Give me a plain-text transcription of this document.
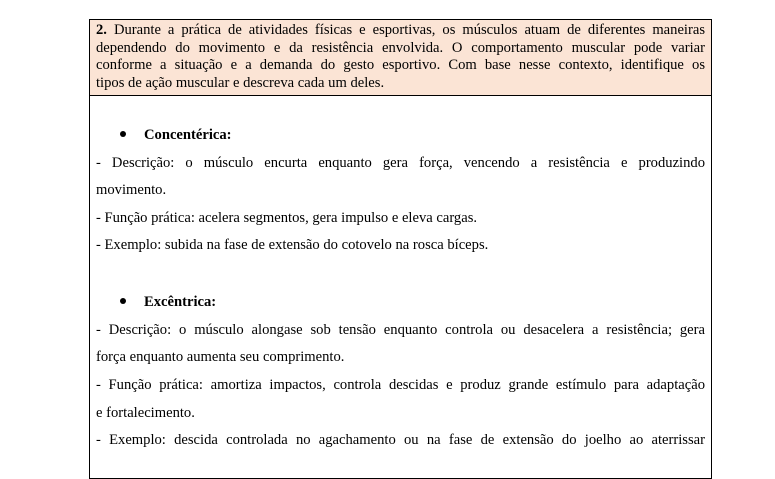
2. Durante a prática de atividades físicas e esportivas, os músculos atuam de diferentes maneiras
dependendo do movimento e da resistência envolvida. O comportamento muscular pode variar
conforme a situação e a demanda do gesto esportivo. Com base nesse contexto, identifique os
tipos de ação muscular e descreva cada um deles.
Concentérica:
- Descrição: o músculo encurta enquanto gera força, vencendo a resistência e produzindo
movimento.
- Função prática: acelera segmentos, gera impulso e eleva cargas.
- Exemplo: subida na fase de extensão do cotovelo na rosca bíceps.
Excêntrica:
- Descrição: o músculo alongase sob tensão enquanto controla ou desacelera a resistência; gera
força enquanto aumenta seu comprimento.
- Função prática: amortiza impactos, controla descidas e produz grande estímulo para adaptação
e fortalecimento.
- Exemplo: descida controlada no agachamento ou na fase de extensão do joelho ao aterrissar
